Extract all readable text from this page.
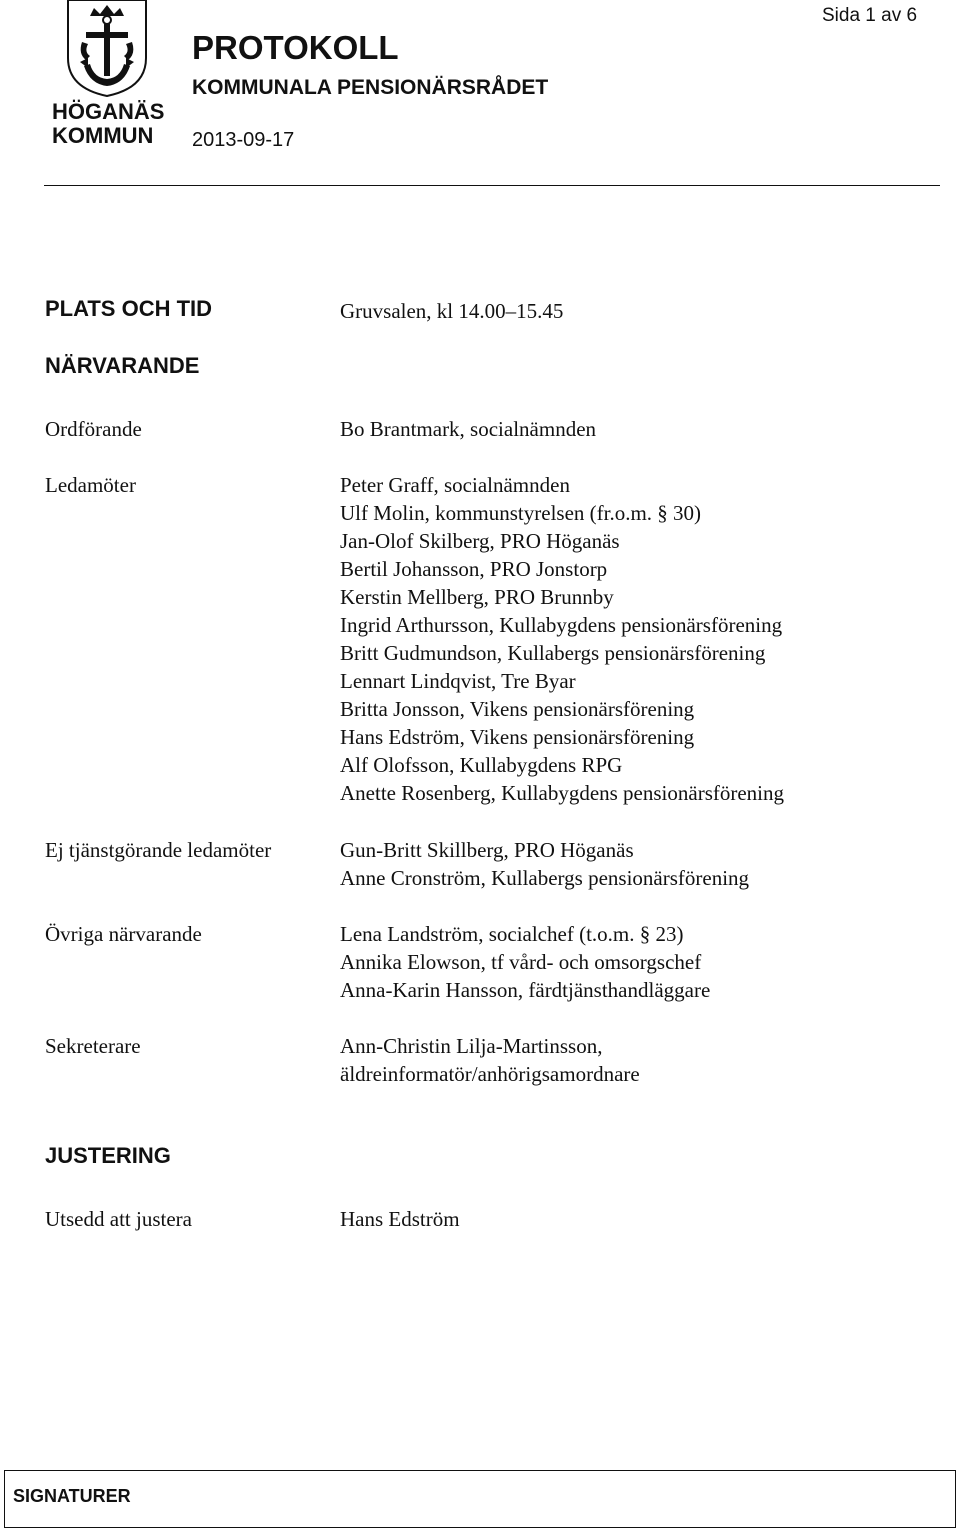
HÖGANÄS
KOMMUN
PROTOKOLL
KOMMUNALA PENSIONÄRSRÅDET
2013-09-17
Sida 1 av 6
PLATS OCH TID	Gruvsalen, kl 14.00–15.45
NÄRVARANDE
Ordförande	Bo Brantmark, socialnämnden
Ledamöter	Peter Graff, socialnämnden
Ulf Molin, kommunstyrelsen (fr.o.m. § 30)
Jan-Olof Skilberg, PRO Höganäs
Bertil Johansson, PRO Jonstorp
Kerstin Mellberg, PRO Brunnby
Ingrid Arthursson, Kullabygdens pensionärsförening
Britt Gudmundson, Kullabergs pensionärsförening
Lennart Lindqvist, Tre Byar
Britta Jonsson, Vikens pensionärsförening
Hans Edström, Vikens pensionärsförening
Alf Olofsson, Kullabygdens RPG
Anette Rosenberg, Kullabygdens pensionärsförening
Ej tjänstgörande ledamöter	Gun-Britt Skillberg, PRO Höganäs
Anne Cronström, Kullabergs pensionärsförening
Övriga närvarande	Lena Landström, socialchef (t.o.m. § 23)
Annika Elowson, tf vård- och omsorgschef
Anna-Karin Hansson, färdtjänsthandläggare
Sekreterare	Ann-Christin Lilja-Martinsson,
äldreinformatör/anhörigsamordnare
JUSTERING
Utsedd att justera	Hans Edström
SIGNATURER
